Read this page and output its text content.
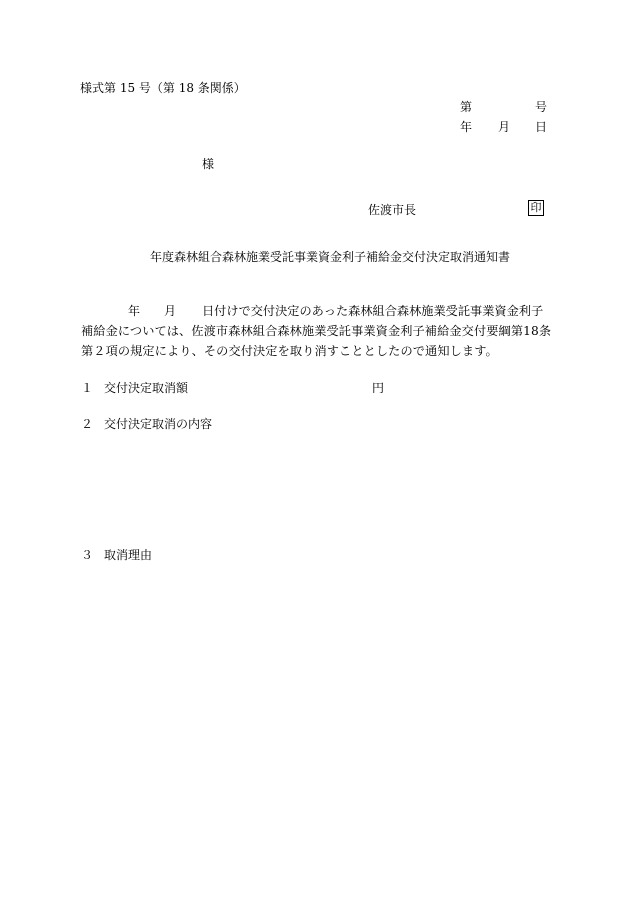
様式第 15 号（第 18 条関係）
第	号
年 月 日
様
佐渡市長	印
年度森林組合森林施業受託事業資金利子補給金交付決定取消通知書
年 月 日付けで交付決定のあった森林組合森林施業受託事業資金利子
補給金については、佐渡市森林組合森林施業受託事業資金利子補給金交付要綱第18条
第２項の規定により、その交付決定を取り消すこととしたので通知します。
１ 交付決定取消額	円
２ 交付決定取消の内容
３ 取消理由
